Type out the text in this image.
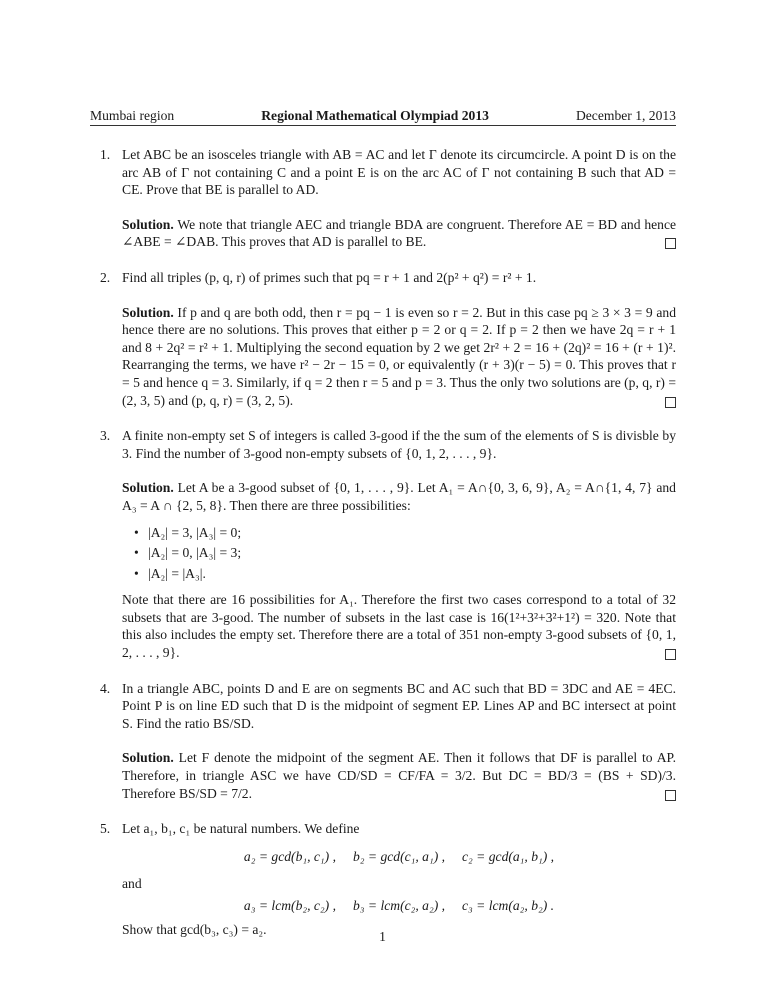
Mumbai region	Regional Mathematical Olympiad 2013	December 1, 2013
1. Let ABC be an isosceles triangle with AB = AC and let Γ denote its circumcircle. A point D is on the arc AB of Γ not containing C and a point E is on the arc AC of Γ not containing B such that AD = CE. Prove that BE is parallel to AD.

Solution. We note that triangle AEC and triangle BDA are congruent. Therefore AE = BD and hence ∠ABE = ∠DAB. This proves that AD is parallel to BE.

2. Find all triples (p, q, r) of primes such that pq = r + 1 and 2(p² + q²) = r² + 1.

Solution. If p and q are both odd, then r = pq − 1 is even so r = 2. But in this case pq ≥ 3 × 3 = 9 and hence there are no solutions. This proves that either p = 2 or q = 2. If p = 2 then we have 2q = r + 1 and 8 + 2q² = r² + 1. Multiplying the second equation by 2 we get 2r² + 2 = 16 + (2q)² = 16 + (r + 1)². Rearranging the terms, we have r² − 2r − 15 = 0, or equivalently (r + 3)(r − 5) = 0. This proves that r = 5 and hence q = 3. Similarly, if q = 2 then r = 5 and p = 3. Thus the only two solutions are (p, q, r) = (2, 3, 5) and (p, q, r) = (3, 2, 5).

3. A finite non-empty set S of integers is called 3-good if the the sum of the elements of S is divisble by 3. Find the number of 3-good non-empty subsets of {0, 1, 2, . . . , 9}.

Solution. Let A be a 3-good subset of {0, 1, . . . , 9}. Let A₁ = A∩{0, 3, 6, 9}, A₂ = A∩{1, 4, 7} and A₃ = A ∩ {2, 5, 8}. Then there are three possibilities:

• |A₂| = 3, |A₃| = 0;
• |A₂| = 0, |A₃| = 3;
• |A₂| = |A₃|.

Note that there are 16 possibilities for A₁. Therefore the first two cases correspond to a total of 32 subsets that are 3-good. The number of subsets in the last case is 16(1²+3²+3²+1²) = 320. Note that this also includes the empty set. Therefore there are a total of 351 non-empty 3-good subsets of {0, 1, 2, . . . , 9}.

4. In a triangle ABC, points D and E are on segments BC and AC such that BD = 3DC and AE = 4EC. Point P is on line ED such that D is the midpoint of segment EP. Lines AP and BC intersect at point S. Find the ratio BS/SD.

Solution. Let F denote the midpoint of the segment AE. Then it follows that DF is parallel to AP. Therefore, in triangle ASC we have CD/SD = CF/FA = 3/2. But DC = BD/3 = (BS + SD)/3. Therefore BS/SD = 7/2.

5. Let a₁, b₁, c₁ be natural numbers. We define

a₂ = gcd(b₁, c₁) ,     b₂ = gcd(c₁, a₁) ,     c₂ = gcd(a₁, b₁) ,

and

a₃ = lcm(b₂, c₂) ,     b₃ = lcm(c₂, a₂) ,     c₃ = lcm(a₂, b₂) .

Show that gcd(b₃, c₃) = a₂.	1
